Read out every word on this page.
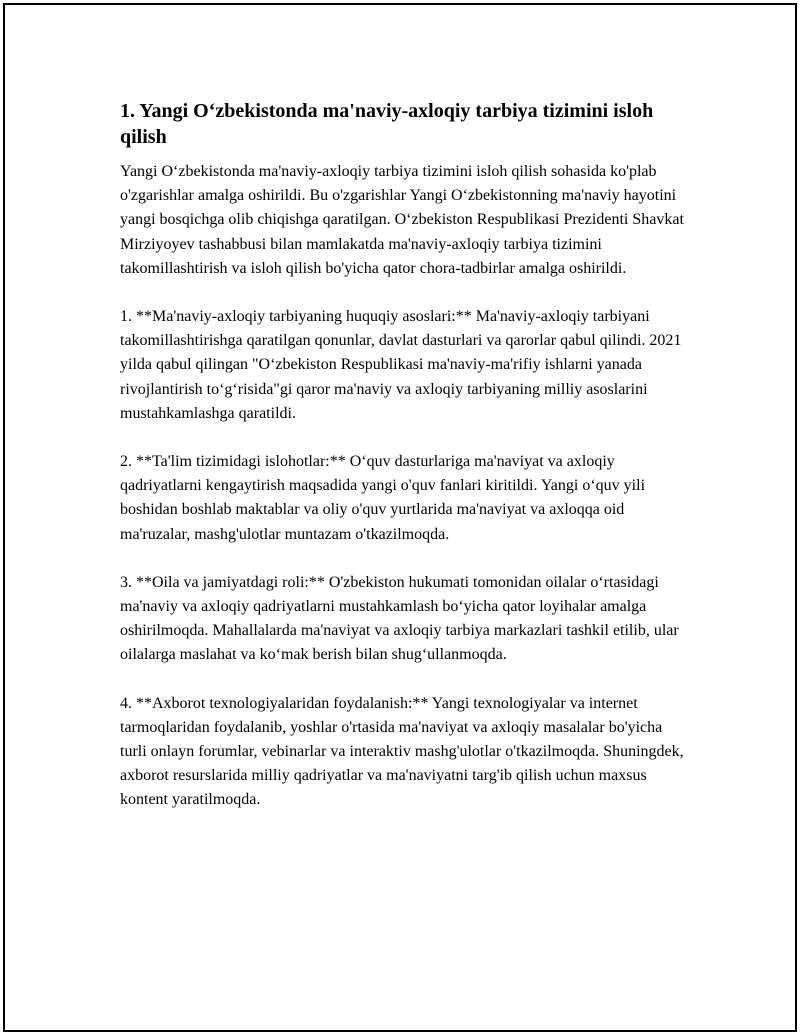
1. Yangi O‘zbekistonda ma'naviy-axloqiy tarbiya tizimini isloh qilish

Yangi O‘zbekistonda ma'naviy-axloqiy tarbiya tizimini isloh qilish sohasida ko'plab o'zgarishlar amalga oshirildi. Bu o'zgarishlar Yangi O‘zbekistonning ma'naviy hayotini yangi bosqichga olib chiqishga qaratilgan. O‘zbekiston Respublikasi Prezidenti Shavkat Mirziyoyev tashabbusi bilan mamlakatda ma'naviy-axloqiy tarbiya tizimini takomillashtirish va isloh qilish bo'yicha qator chora-tadbirlar amalga oshirildi.

1. **Ma'naviy-axloqiy tarbiyaning huquqiy asoslari:** Ma'naviy-axloqiy tarbiyani takomillashtirishga qaratilgan qonunlar, davlat dasturlari va qarorlar qabul qilindi. 2021 yilda qabul qilingan "O‘zbekiston Respublikasi ma'naviy-ma'rifiy ishlarni yanada rivojlantirish to‘g‘risida"gi qaror ma'naviy va axloqiy tarbiyaning milliy asoslarini mustahkamlashga qaratildi.

2. **Ta'lim tizimidagi islohotlar:** O‘quv dasturlariga ma'naviyat va axloqiy qadriyatlarni kengaytirish maqsadida yangi o'quv fanlari kiritildi. Yangi o‘quv yili boshidan boshlab maktablar va oliy o'quv yurtlarida ma'naviyat va axloqqa oid ma'ruzalar, mashg'ulotlar muntazam o'tkazilmoqda.

3. **Oila va jamiyatdagi roli:** O'zbekiston hukumati tomonidan oilalar o‘rtasidagi ma'naviy va axloqiy qadriyatlarni mustahkamlash bo‘yicha qator loyihalar amalga oshirilmoqda. Mahallalarda ma'naviyat va axloqiy tarbiya markazlari tashkil etilib, ular oilalarga maslahat va ko‘mak berish bilan shug‘ullanmoqda.

4. **Axborot texnologiyalaridan foydalanish:** Yangi texnologiyalar va internet tarmoqlaridan foydalanib, yoshlar o'rtasida ma'naviyat va axloqiy masalalar bo'yicha turli onlayn forumlar, vebinarlar va interaktiv mashg'ulotlar o'tkazilmoqda. Shuningdek, axborot resurslarida milliy qadriyatlar va ma'naviyatni targ'ib qilish uchun maxsus kontent yaratilmoqda.
